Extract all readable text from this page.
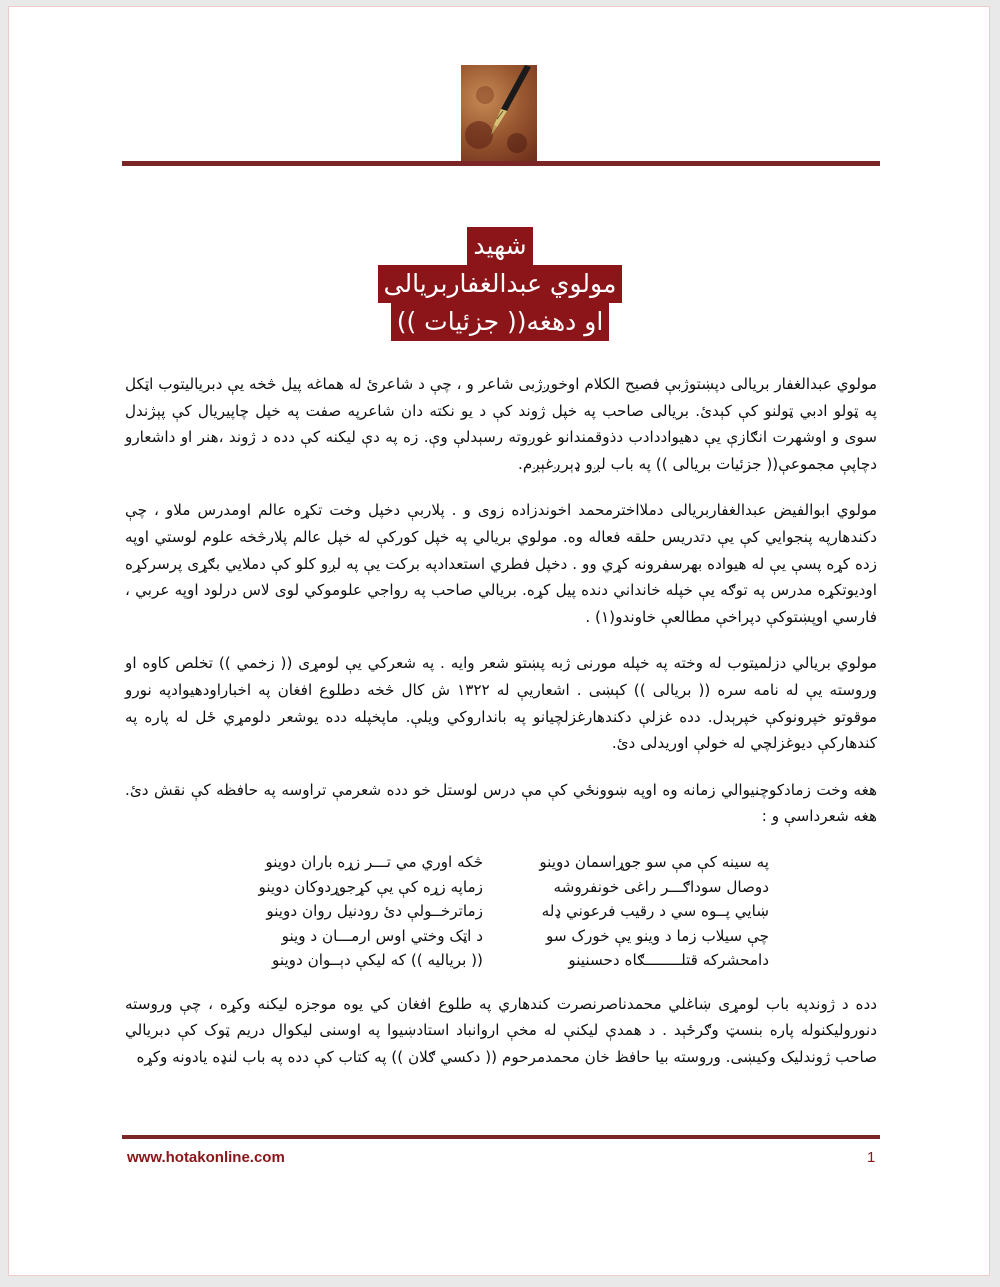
شهيد
مولوي عبدالغفاربريالی
او دهغه(( جزئيات ))

مولوي عبدالغفار بريالی دپښتوژبې فصيح الكلام اوخوږژبی شاعر و ، چې د شاعرئ له هماغه پيل څخه يې دبرياليتوب اټكل په ټولو ادبي ټولنو كې كېدئ. بريالی صاحب په خپل ژوند كې د يو نكته دان شاعرپه صفت په خپل چاپيريال كې پېژندل سوی و اوشهرت انګازې يې دهيواددادب دذوقمندانو غوږوته رسېدلې وې. زه په دې ليكنه كې دده د ژوند ،هنر او داشعارو دچاپې مجموعې(( جزئيات بريالی )) په باب لږو ډېرږغېږم.

مولوي ابوالفيض عبدالغفاربريالی دملااخترمحمد اخوندزاده زوی و . پلاربې دخپل وخت تكړه عالم اومدرس ملاو ، چې دكندهارپه پنجوايي كې يې دتدريس حلقه فعاله وه. مولوي بريالي په خپل كوركې له خپل عالم پلارڅخه علوم لوستي اوپه زده كړه پسې يې له هيواده بهرسفرونه كړي وو . دخپل فطري استعدادپه بركت يې په لږو كلو كې دملايي بګړی پرسركړه اوديوتكړه مدرس په توګه يې خپله خانداني دنده پيل كړه. بريالي صاحب په رواجي علوموكي لوی لاس درلود اوپه عربي ، فارسي اوپښتوكې دپراخې مطالعې خاوندو(۱) .

مولوي بريالي دزلميتوب له وخته په خپله مورنی ژبه پښتو شعر وايه . په شعركي يې لومړی (( زخمي )) تخلص كاوه او وروسته يې له نامه سره (( بريالی )) كېښی . اشعاريې له ۱۳۲۲ ش كال څخه دطلوع افغان په اخباراودهيوادپه نورو موقوتو خپرونوكې خپرېدل. دده غزلې دكندهارغزلچيانو په بانداروكي ويلې. ماپخپله دده يوشعر دلومړي ځل له پاره په كندهاركې ديوغزلچي له خولې اوريدلی دئ.

هغه وخت زمادكوچنيوالي زمانه وه اوپه ښوونځي كې مې درس لوستل خو دده شعرمې تراوسه په حافظه كې نقش دئ. هغه شعرداسې و :

په سينه كې مې سو جوړاسمان دوينو
څكه اوري مي تـــر زړه باران دوينو
دوصال سوداګـــر راغی خونفروشه
زماپه زړه كې يې كړجوړدوكان دوينو
ښايي پــوه سي د رقيب فرعوني ډله
زماترخــولې دئ رودنيل روان دوينو
چې سيلاب زما د وينو يې خورک سو
د اټک وختي اوس ارمـــان د وينو
دامحشركه قتلــــــــګاه دحسنينو
(( بريالیه )) كه ليكې دېــوان دوينو

دده د ژوندپه باب لومړی ښاغلي محمدناصرنصرت كندهاري په طلوع افغان كي يوه موجزه ليكنه وكړه ، چې وروسته دنورولیكنوله پاره بنسټ وګرځېد . د همدې ليكنې له مخې اروانباد استادښيوا په اوسنی ليكوال دريم ټوک كې دبريالي صاحب ژوندليک وكيښی. وروسته بيا حافظ خان محمدمرحوم (( دكسي ګلان )) په كتاب كې دده په باب لنډه يادونه وكړه

www.hotakonline.com	1
